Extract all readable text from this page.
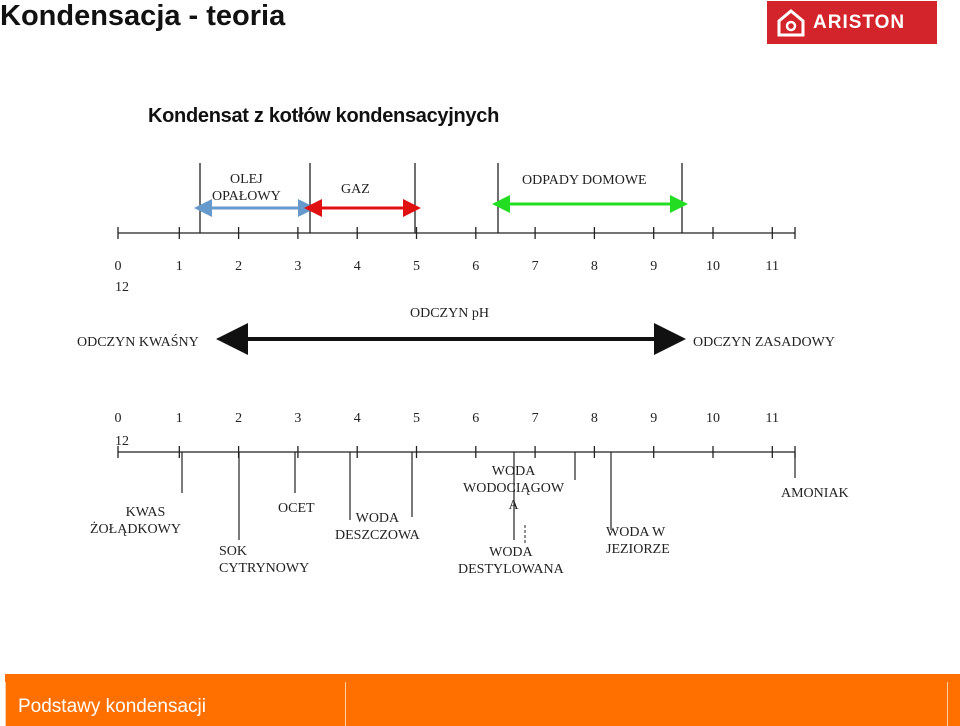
Kondensacja - teoria	ARISTON
Kondensat z kotłów kondensacyjnych
OLEJ
OPAŁOWY	GAZ
ODPADY DOMOWE
0	1	2	3	4	5	6	7	8	9	10	11
12
ODCZYN pH
ODCZYN KWAŚNY	ODCZYN ZASADOWY
0	1	2	3	4	5	6	7	8	9	10	11
12
KWAS
ŻOŁĄDKOWY
SOK
CYTRYNOWY
OCET
WODA
DESZCZOWA
WODA
WODOCIĄGOW
A
WODA
DESTYLOWANA
WODA W
JEZIORZE
AMONIAK
Podstawy kondensacji
